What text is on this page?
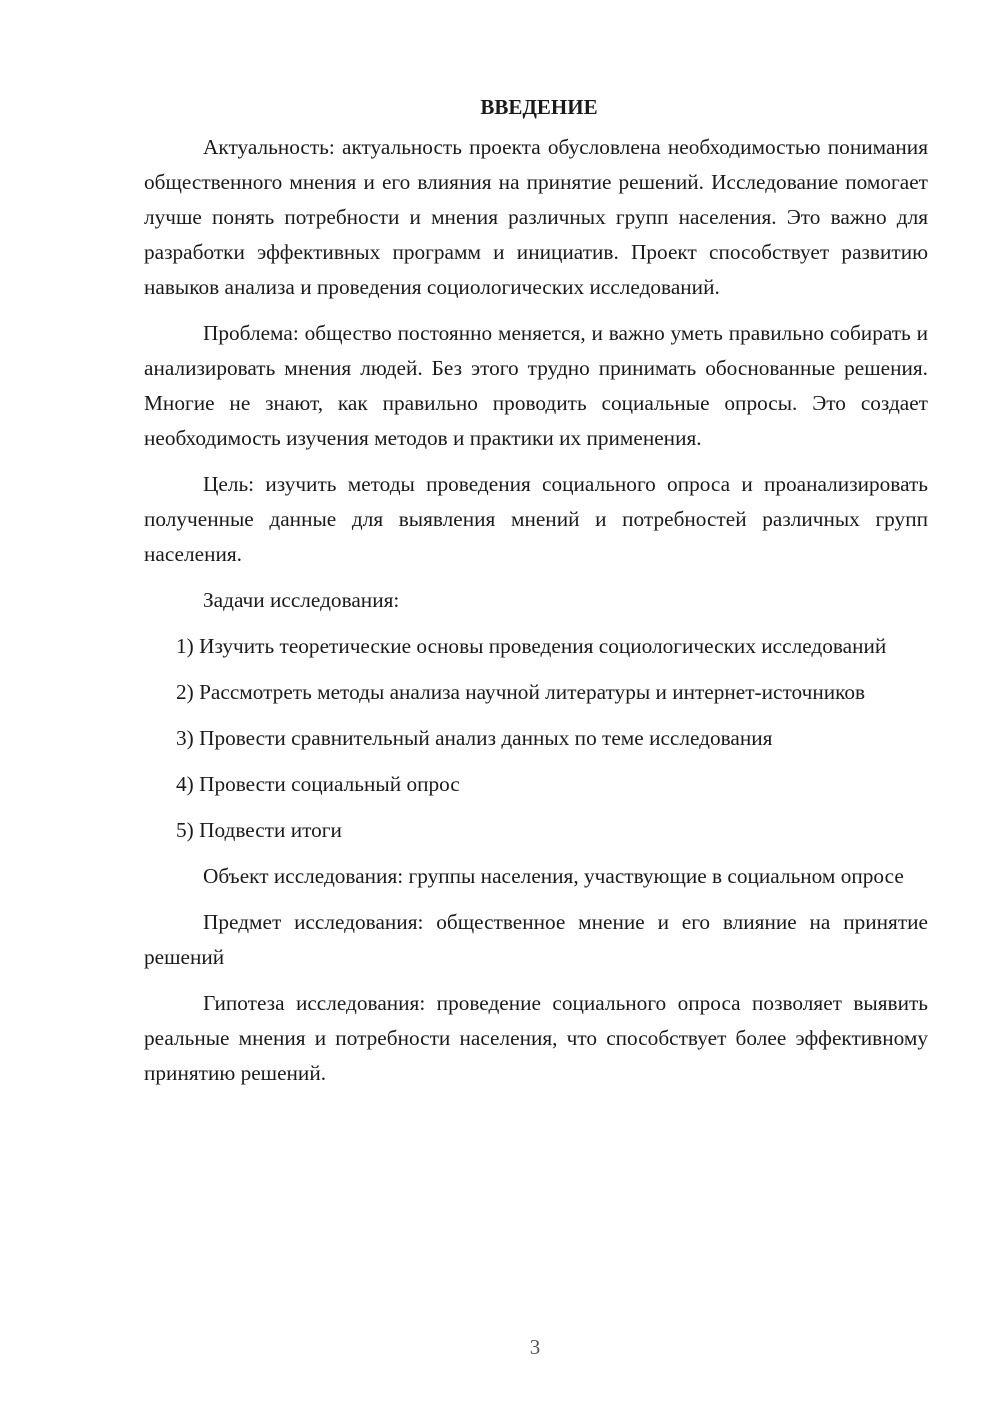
ВВЕДЕНИЕ

Актуальность: актуальность проекта обусловлена необходимостью понимания общественного мнения и его влияния на принятие решений. Исследование помогает лучше понять потребности и мнения различных групп населения. Это важно для разработки эффективных программ и инициатив. Проект способствует развитию навыков анализа и проведения социологических исследований.

Проблема: общество постоянно меняется, и важно уметь правильно собирать и анализировать мнения людей. Без этого трудно принимать обоснованные решения. Многие не знают, как правильно проводить социальные опросы. Это создает необходимость изучения методов и практики их применения.

Цель: изучить методы проведения социального опроса и проанализировать полученные данные для выявления мнений и потребностей различных групп населения.

Задачи исследования:

1) Изучить теоретические основы проведения социологических исследований

2) Рассмотреть методы анализа научной литературы и интернет-источников

3) Провести сравнительный анализ данных по теме исследования

4) Провести социальный опрос

5) Подвести итоги

Объект исследования: группы населения, участвующие в социальном опросе

Предмет исследования: общественное мнение и его влияние на принятие решений

Гипотеза исследования: проведение социального опроса позволяет выявить реальные мнения и потребности населения, что способствует более эффективному принятию решений.

3
